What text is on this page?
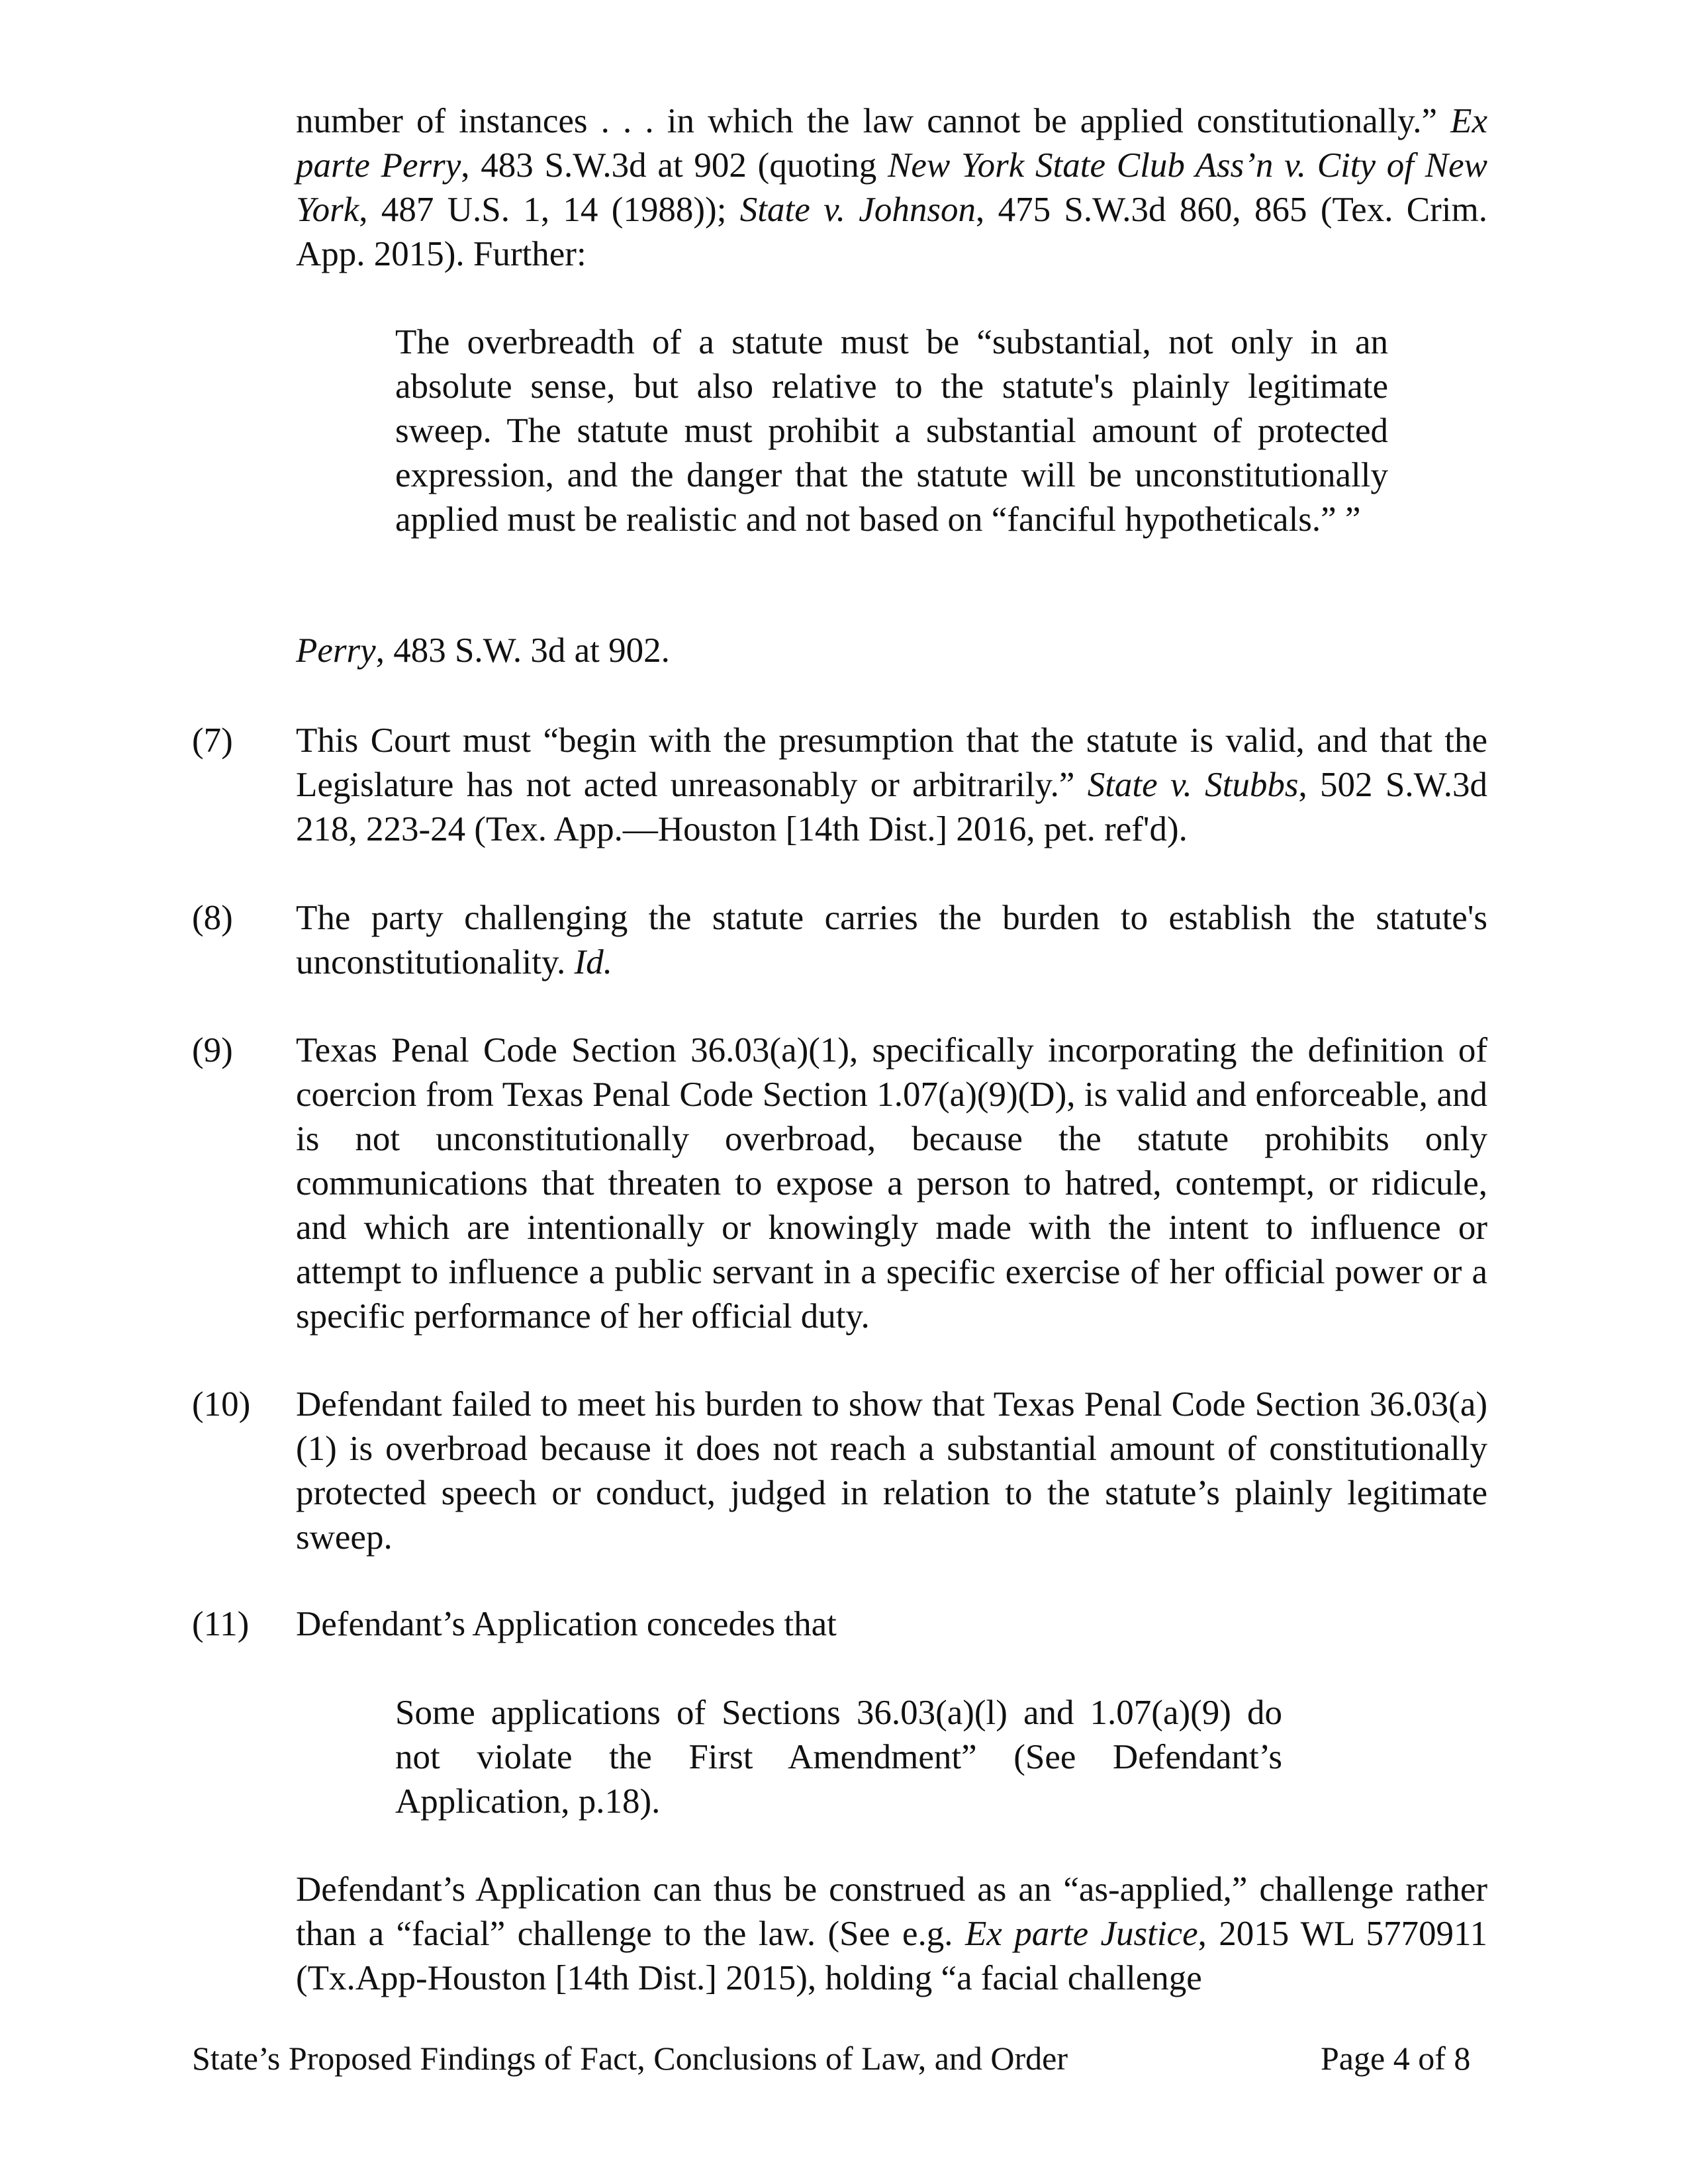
number of instances . . . in which the law cannot be applied constitutionally.” Ex parte Perry, 483 S.W.3d at 902 (quoting New York State Club Ass’n v. City of New York, 487 U.S. 1, 14 (1988)); State v. Johnson, 475 S.W.3d 860, 865 (Tex. Crim. App. 2015). Further:

The overbreadth of a statute must be “substantial, not only in an absolute sense, but also relative to the statute's plainly legitimate sweep. The statute must prohibit a substantial amount of protected expression, and the danger that the statute will be unconstitutionally applied must be realistic and not based on “fanciful hypotheticals.” ”

Perry, 483 S.W. 3d at 902.

(7) This Court must “begin with the presumption that the statute is valid, and that the Legislature has not acted unreasonably or arbitrarily.” State v. Stubbs, 502 S.W.3d 218, 223-24 (Tex. App.—Houston [14th Dist.] 2016, pet. ref'd).

(8) The party challenging the statute carries the burden to establish the statute's unconstitutionality. Id.

(9) Texas Penal Code Section 36.03(a)(1), specifically incorporating the definition of coercion from Texas Penal Code Section 1.07(a)(9)(D), is valid and enforceable, and is not unconstitutionally overbroad, because the statute prohibits only communications that threaten to expose a person to hatred, contempt, or ridicule, and which are intentionally or knowingly made with the intent to influence or attempt to influence a public servant in a specific exercise of her official power or a specific performance of her official duty.

(10) Defendant failed to meet his burden to show that Texas Penal Code Section 36.03(a)(1) is overbroad because it does not reach a substantial amount of constitutionally protected speech or conduct, judged in relation to the statute’s plainly legitimate sweep.

(11) Defendant’s Application concedes that

Some applications of Sections 36.03(a)(l) and 1.07(a)(9) do not violate the First Amendment” (See Defendant’s Application, p.18).

Defendant’s Application can thus be construed as an “as-applied,” challenge rather than a “facial” challenge to the law. (See e.g. Ex parte Justice, 2015 WL 5770911 (Tx.App-Houston [14th Dist.] 2015), holding “a facial challenge

State’s Proposed Findings of Fact, Conclusions of Law, and Order	Page 4 of 8
